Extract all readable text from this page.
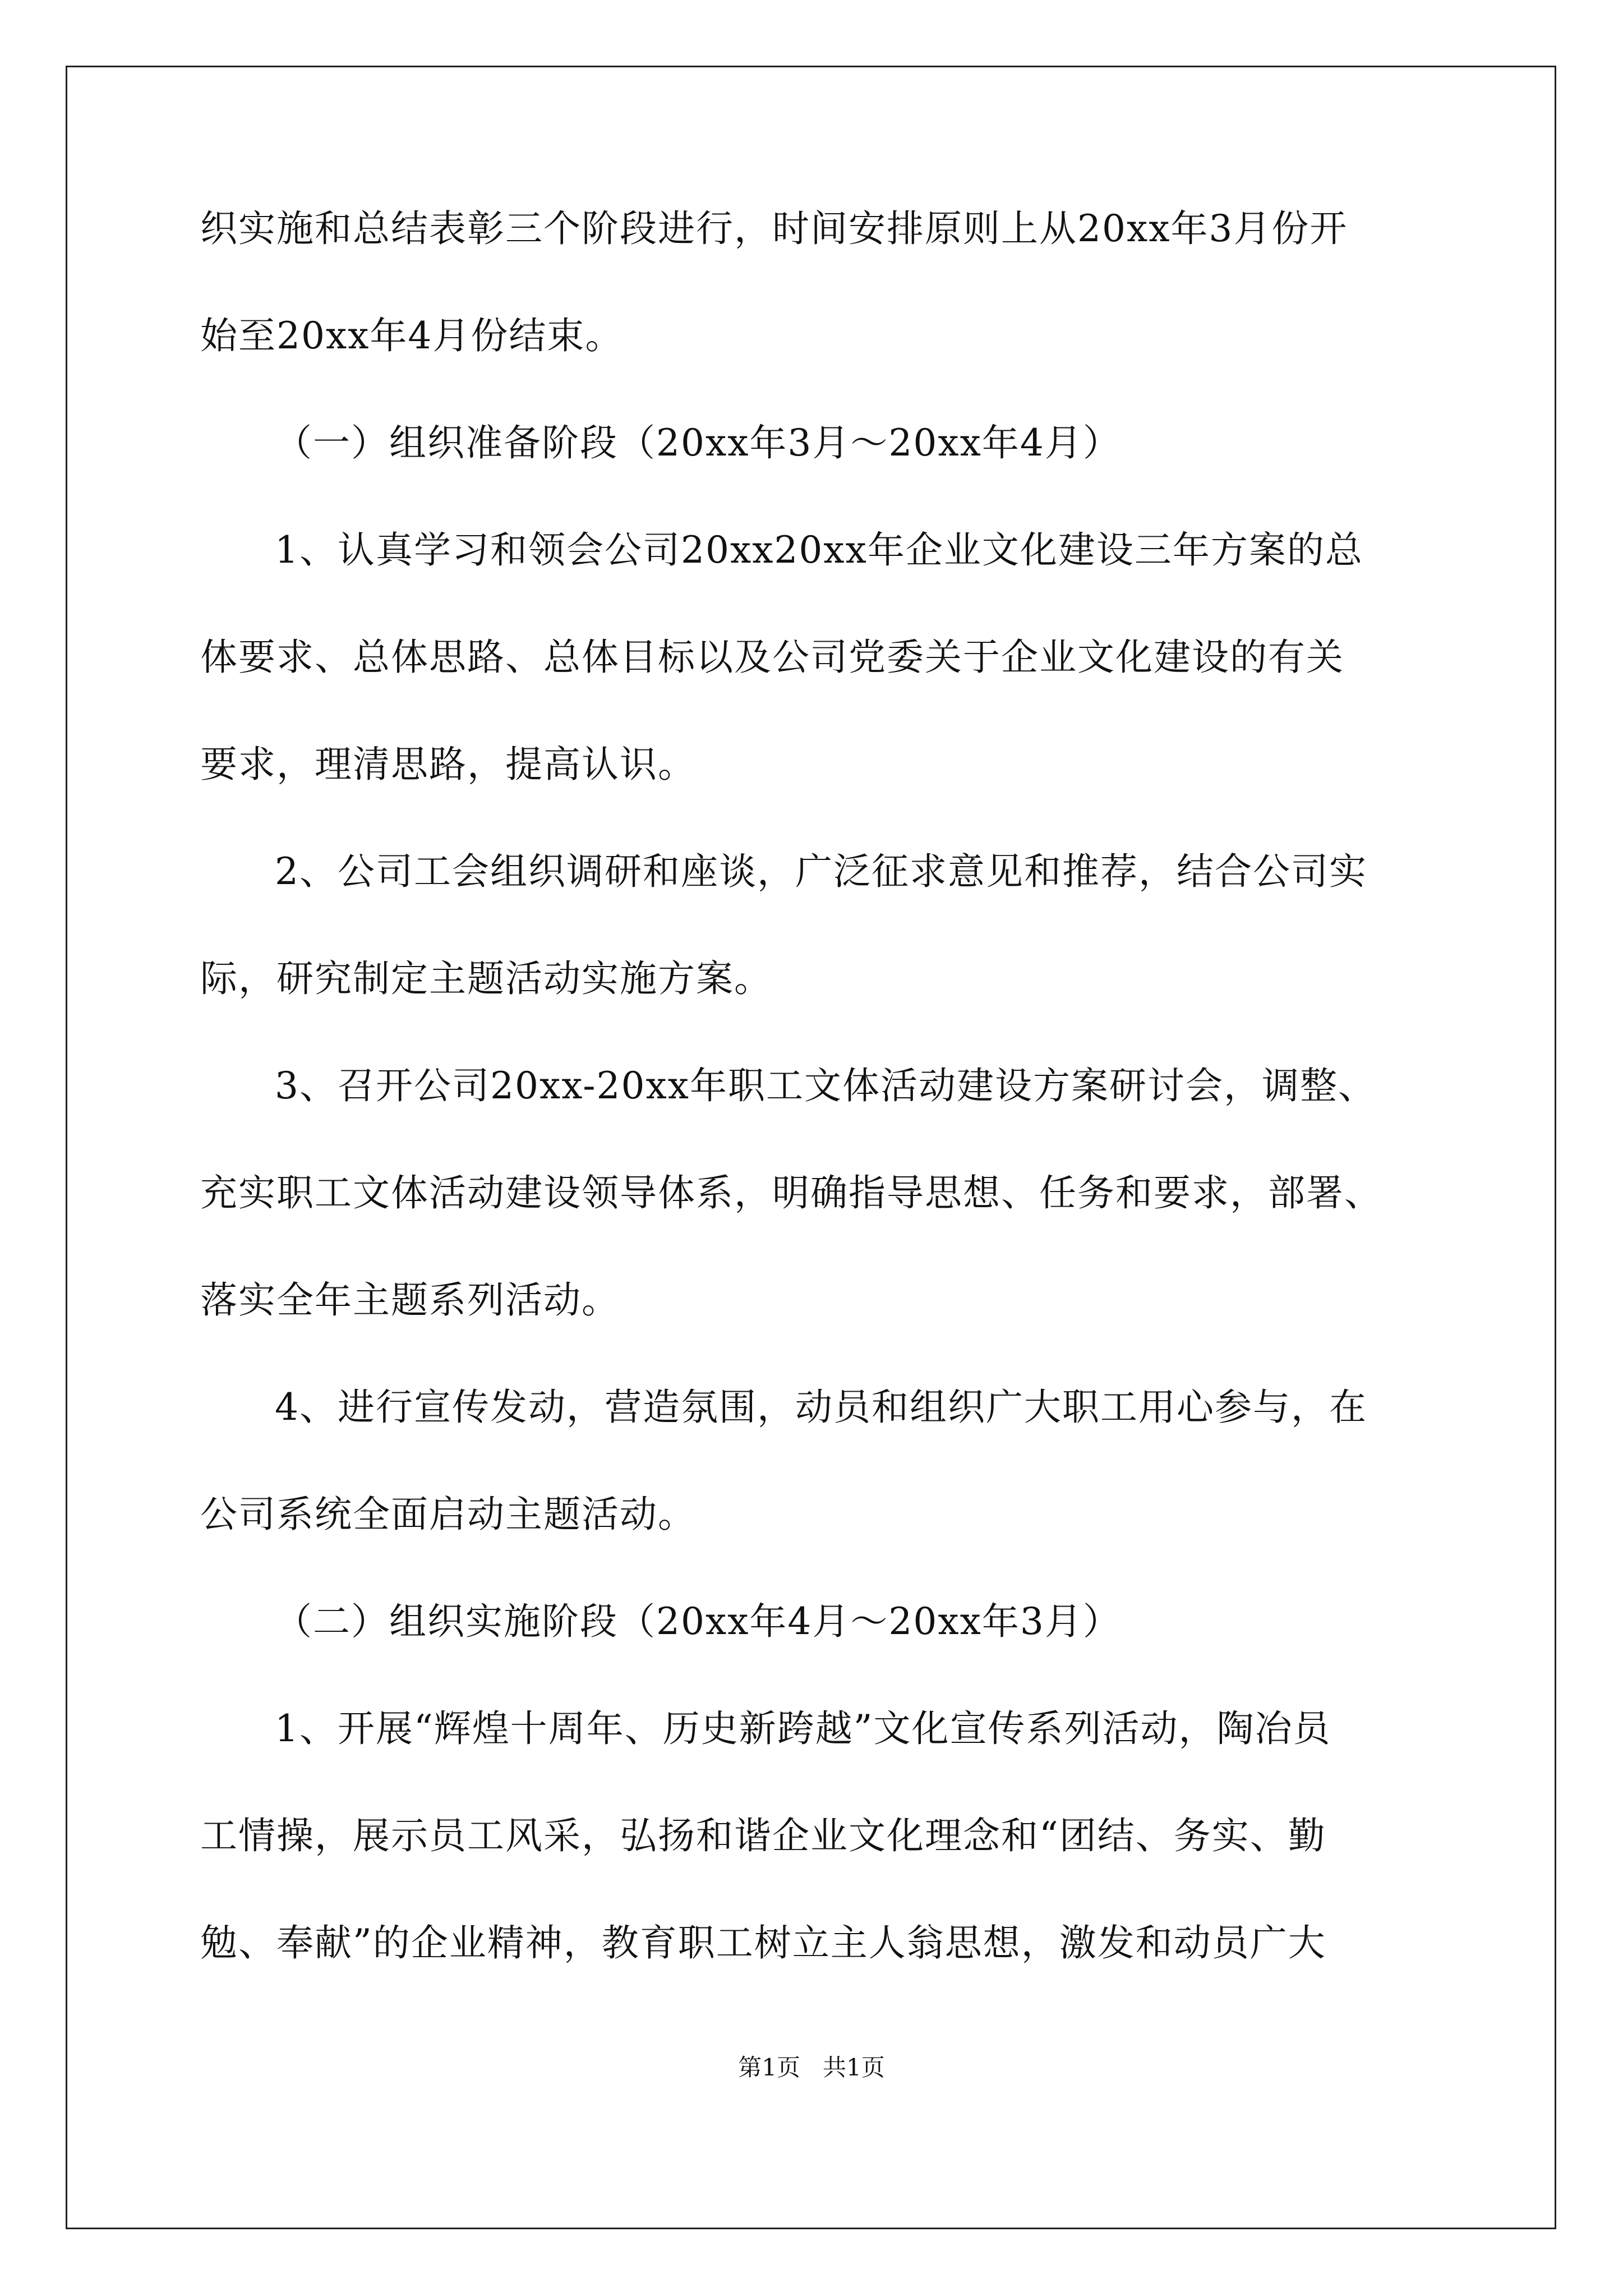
织实施和总结表彰三个阶段进行，时间安排原则上从20xx年3月份开
始至20xx年4月份结束。
（一）组织准备阶段（20xx年3月～20xx年4月）
1、认真学习和领会公司20xx20xx年企业文化建设三年方案的总
体要求、总体思路、总体目标以及公司党委关于企业文化建设的有关
要求，理清思路，提高认识。
2、公司工会组织调研和座谈，广泛征求意见和推荐，结合公司实
际，研究制定主题活动实施方案。
3、召开公司20xx-20xx年职工文体活动建设方案研讨会，调整、
充实职工文体活动建设领导体系，明确指导思想、任务和要求，部署、
落实全年主题系列活动。
4、进行宣传发动，营造氛围，动员和组织广大职工用心参与，在
公司系统全面启动主题活动。
（二）组织实施阶段（20xx年4月～20xx年3月）
1、开展“辉煌十周年、历史新跨越”文化宣传系列活动，陶冶员
工情操，展示员工风采，弘扬和谐企业文化理念和“团结、务实、勤
勉、奉献”的企业精神，教育职工树立主人翁思想，激发和动员广大
第1页 共1页
